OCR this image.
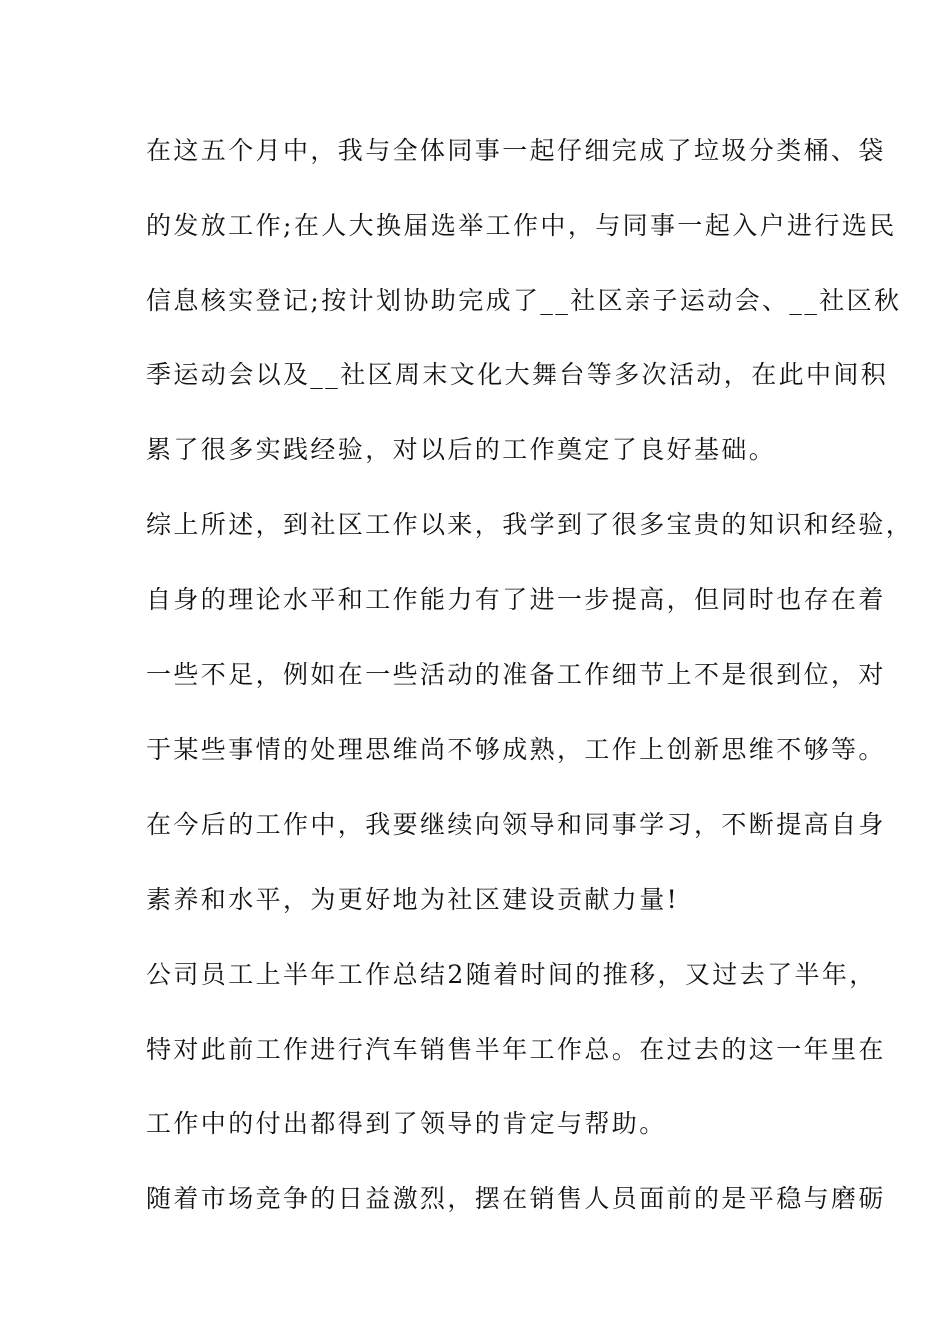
在这五个月中，我与全体同事一起仔细完成了垃圾分类桶、袋
的发放工作;在人大换届选举工作中，与同事一起入户进行选民
信息核实登记;按计划协助完成了__社区亲子运动会、__社区秋
季运动会以及__社区周末文化大舞台等多次活动，在此中间积
累了很多实践经验，对以后的工作奠定了良好基础。
综上所述，到社区工作以来，我学到了很多宝贵的知识和经验，
自身的理论水平和工作能力有了进一步提高，但同时也存在着
一些不足，例如在一些活动的准备工作细节上不是很到位，对
于某些事情的处理思维尚不够成熟，工作上创新思维不够等。
在今后的工作中，我要继续向领导和同事学习，不断提高自身
素养和水平，为更好地为社区建设贡献力量!
公司员工上半年工作总结2随着时间的推移，又过去了半年，
特对此前工作进行汽车销售半年工作总。在过去的这一年里在
工作中的付出都得到了领导的肯定与帮助。
随着市场竞争的日益激烈，摆在销售人员面前的是平稳与磨砺
